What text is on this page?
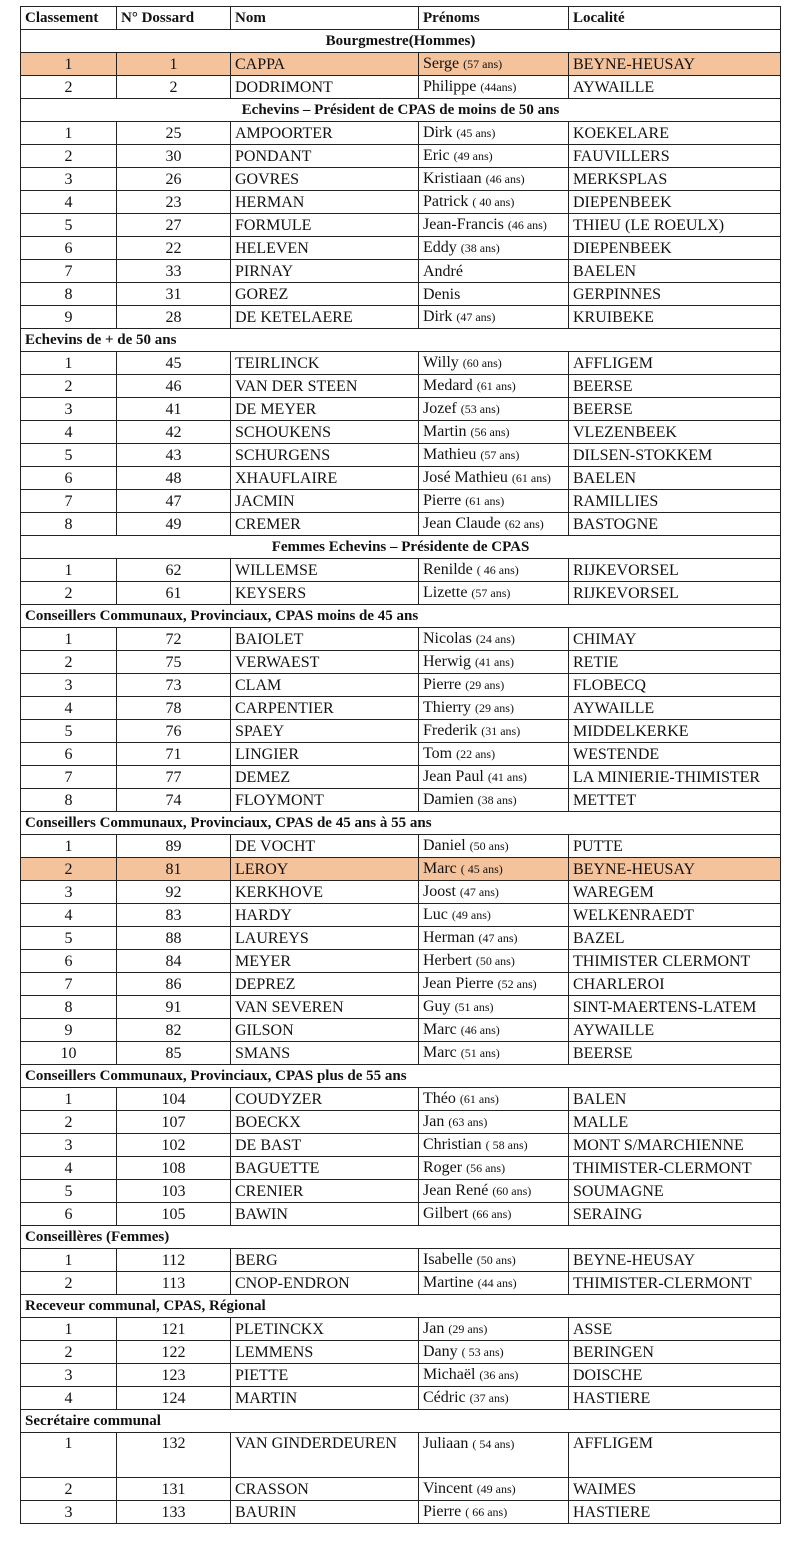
Classement	N° Dossard	Nom	Prénoms	Localité
Bourgmestre(Hommes)				
1	1	CAPPA	Serge (57 ans)	BEYNE-HEUSAY
2	2	DODRIMONT	Philippe (44ans)	AYWAILLE
Echevins – Président de CPAS de moins de 50 ans				
1	25	AMPOORTER	Dirk (45 ans)	KOEKELARE
2	30	PONDANT	Eric (49 ans)	FAUVILLERS
3	26	GOVRES	Kristiaan (46 ans)	MERKSPLAS
4	23	HERMAN	Patrick ( 40 ans)	DIEPENBEEK
5	27	FORMULE	Jean-Francis (46 ans)	THIEU (LE ROEULX)
6	22	HELEVEN	Eddy (38 ans)	DIEPENBEEK
7	33	PIRNAY	André	BAELEN
8	31	GOREZ	Denis	GERPINNES
9	28	DE KETELAERE	Dirk (47 ans)	KRUIBEKE
Echevins de + de 50 ans				
1	45	TEIRLINCK	Willy (60 ans)	AFFLIGEM
2	46	VAN DER STEEN	Medard (61 ans)	BEERSE
3	41	DE MEYER	Jozef (53 ans)	BEERSE
4	42	SCHOUKENS	Martin (56 ans)	VLEZENBEEK
5	43	SCHURGENS	Mathieu (57 ans)	DILSEN-STOKKEM
6	48	XHAUFLAIRE	José Mathieu (61 ans)	BAELEN
7	47	JACMIN	Pierre (61 ans)	RAMILLIES
8	49	CREMER	Jean Claude (62 ans)	BASTOGNE
Femmes Echevins – Présidente de CPAS				
1	62	WILLEMSE	Renilde ( 46 ans)	RIJKEVORSEL
2	61	KEYSERS	Lizette (57 ans)	RIJKEVORSEL
Conseillers Communaux, Provinciaux, CPAS moins de 45 ans				
1	72	BAIOLET	Nicolas (24 ans)	CHIMAY
2	75	VERWAEST	Herwig (41 ans)	RETIE
3	73	CLAM	Pierre (29 ans)	FLOBECQ
4	78	CARPENTIER	Thierry (29 ans)	AYWAILLE
5	76	SPAEY	Frederik (31 ans)	MIDDELKERKE
6	71	LINGIER	Tom (22 ans)	WESTENDE
7	77	DEMEZ	Jean Paul (41 ans)	LA MINIERIE-THIMISTER
8	74	FLOYMONT	Damien (38 ans)	METTET
Conseillers Communaux, Provinciaux, CPAS de 45 ans à 55 ans				
1	89	DE VOCHT	Daniel (50 ans)	PUTTE
2	81	LEROY	Marc ( 45 ans)	BEYNE-HEUSAY
3	92	KERKHOVE	Joost (47 ans)	WAREGEM
4	83	HARDY	Luc (49 ans)	WELKENRAEDT
5	88	LAUREYS	Herman (47 ans)	BAZEL
6	84	MEYER	Herbert (50 ans)	THIMISTER CLERMONT
7	86	DEPREZ	Jean Pierre (52 ans)	CHARLEROI
8	91	VAN SEVEREN	Guy (51 ans)	SINT-MAERTENS-LATEM
9	82	GILSON	Marc (46 ans)	AYWAILLE
10	85	SMANS	Marc (51 ans)	BEERSE
Conseillers Communaux, Provinciaux, CPAS plus de 55 ans				
1	104	COUDYZER	Théo (61 ans)	BALEN
2	107	BOECKX	Jan (63 ans)	MALLE
3	102	DE BAST	Christian ( 58 ans)	MONT S/MARCHIENNE
4	108	BAGUETTE	Roger (56 ans)	THIMISTER-CLERMONT
5	103	CRENIER	Jean René (60 ans)	SOUMAGNE
6	105	BAWIN	Gilbert (66 ans)	SERAING
Conseillères (Femmes)				
1	112	BERG	Isabelle (50 ans)	BEYNE-HEUSAY
2	113	CNOP-ENDRON	Martine (44 ans)	THIMISTER-CLERMONT
Receveur communal, CPAS, Régional				
1	121	PLETINCKX	Jan (29 ans)	ASSE
2	122	LEMMENS	Dany ( 53 ans)	BERINGEN
3	123	PIETTE	Michaël (36 ans)	DOISCHE
4	124	MARTIN	Cédric (37 ans)	HASTIERE
Secrétaire communal				
1	132	VAN GINDERDEUREN	Juliaan ( 54 ans)	AFFLIGEM
2	131	CRASSON	Vincent (49 ans)	WAIMES
3	133	BAURIN	Pierre ( 66 ans)	HASTIERE
